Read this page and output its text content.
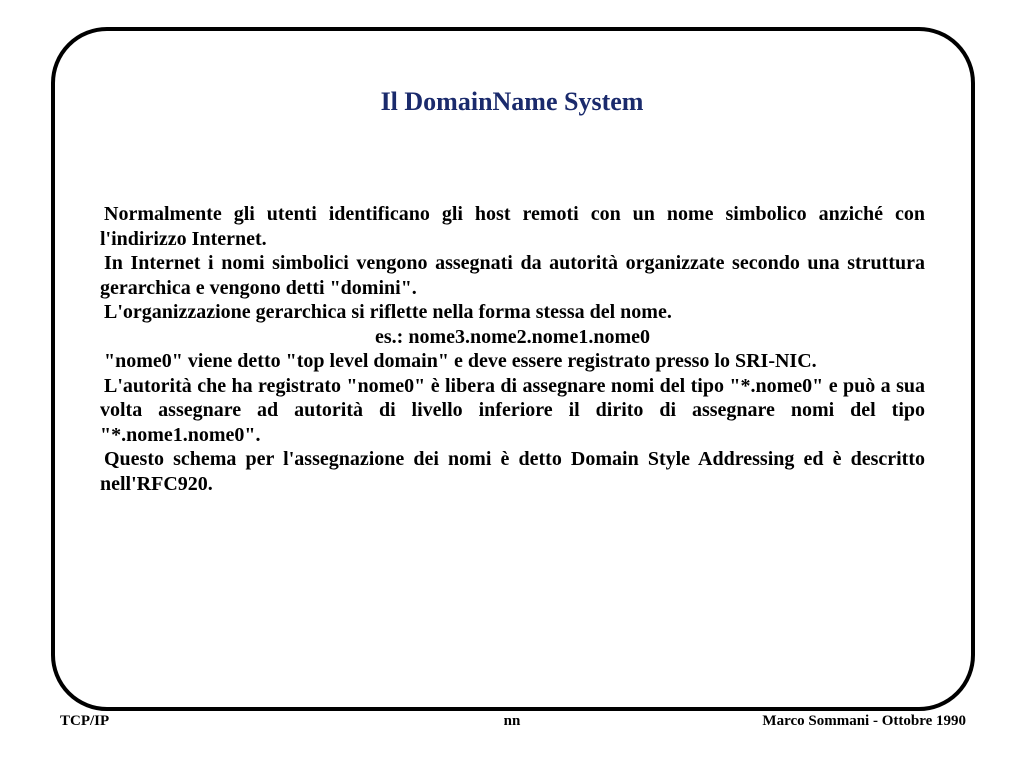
Il DomainName System

Normalmente gli utenti identificano gli host remoti con un nome simbolico anziché con l'indirizzo Internet.

In Internet i nomi simbolici vengono assegnati da autorità organizzate secondo una struttura gerarchica e vengono detti "domini".

L'organizzazione gerarchica si riflette nella forma stessa del nome.

es.: nome3.nome2.nome1.nome0

"nome0" viene detto "top level domain" e deve essere registrato presso lo SRI-NIC.

L'autorità che ha registrato "nome0" è libera di assegnare nomi del tipo "*.nome0" e può a sua volta assegnare ad autorità di livello inferiore il dirito di assegnare nomi del tipo "*.nome1.nome0".

Questo schema per l'assegnazione dei nomi è detto Domain Style Addressing ed è descritto nell'RFC920.

TCP/IP	nn	Marco Sommani - Ottobre 1990
